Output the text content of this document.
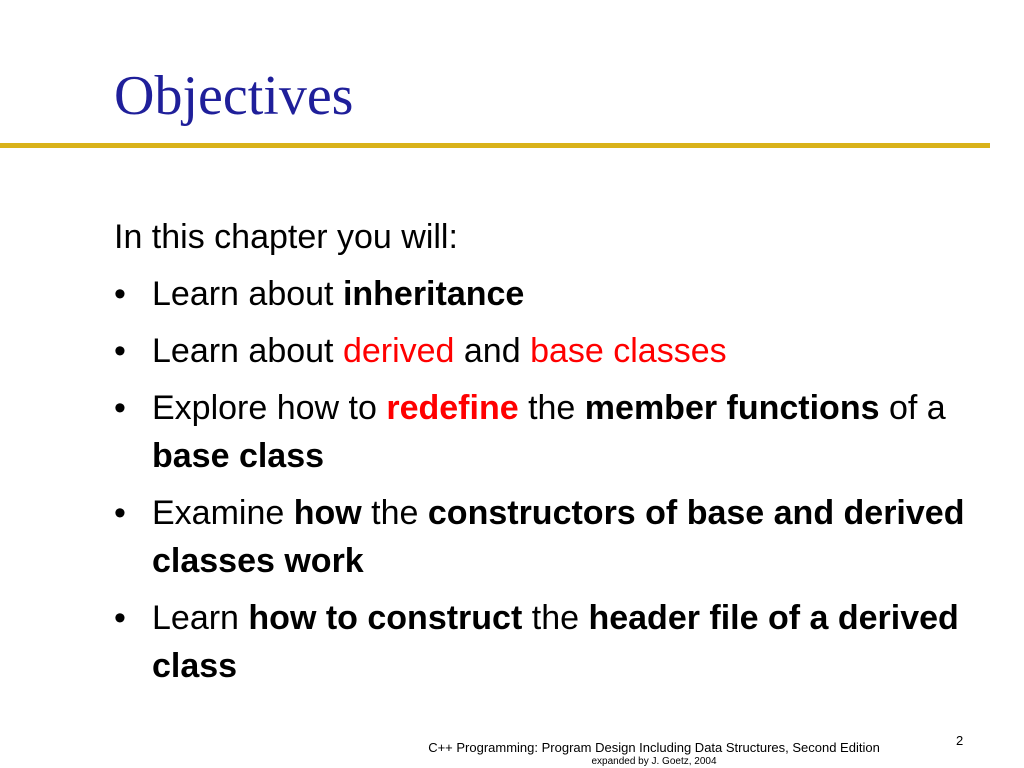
Objectives
In this chapter you will:
• Learn about inheritance
• Learn about derived and base classes
• Explore how to redefine the member functions of a base class
• Examine how the constructors of base and derived classes work
• Learn how to construct the header file of a derived class
C++ Programming: Program Design Including Data Structures, Second Edition
expanded by J. Goetz, 2004
2
